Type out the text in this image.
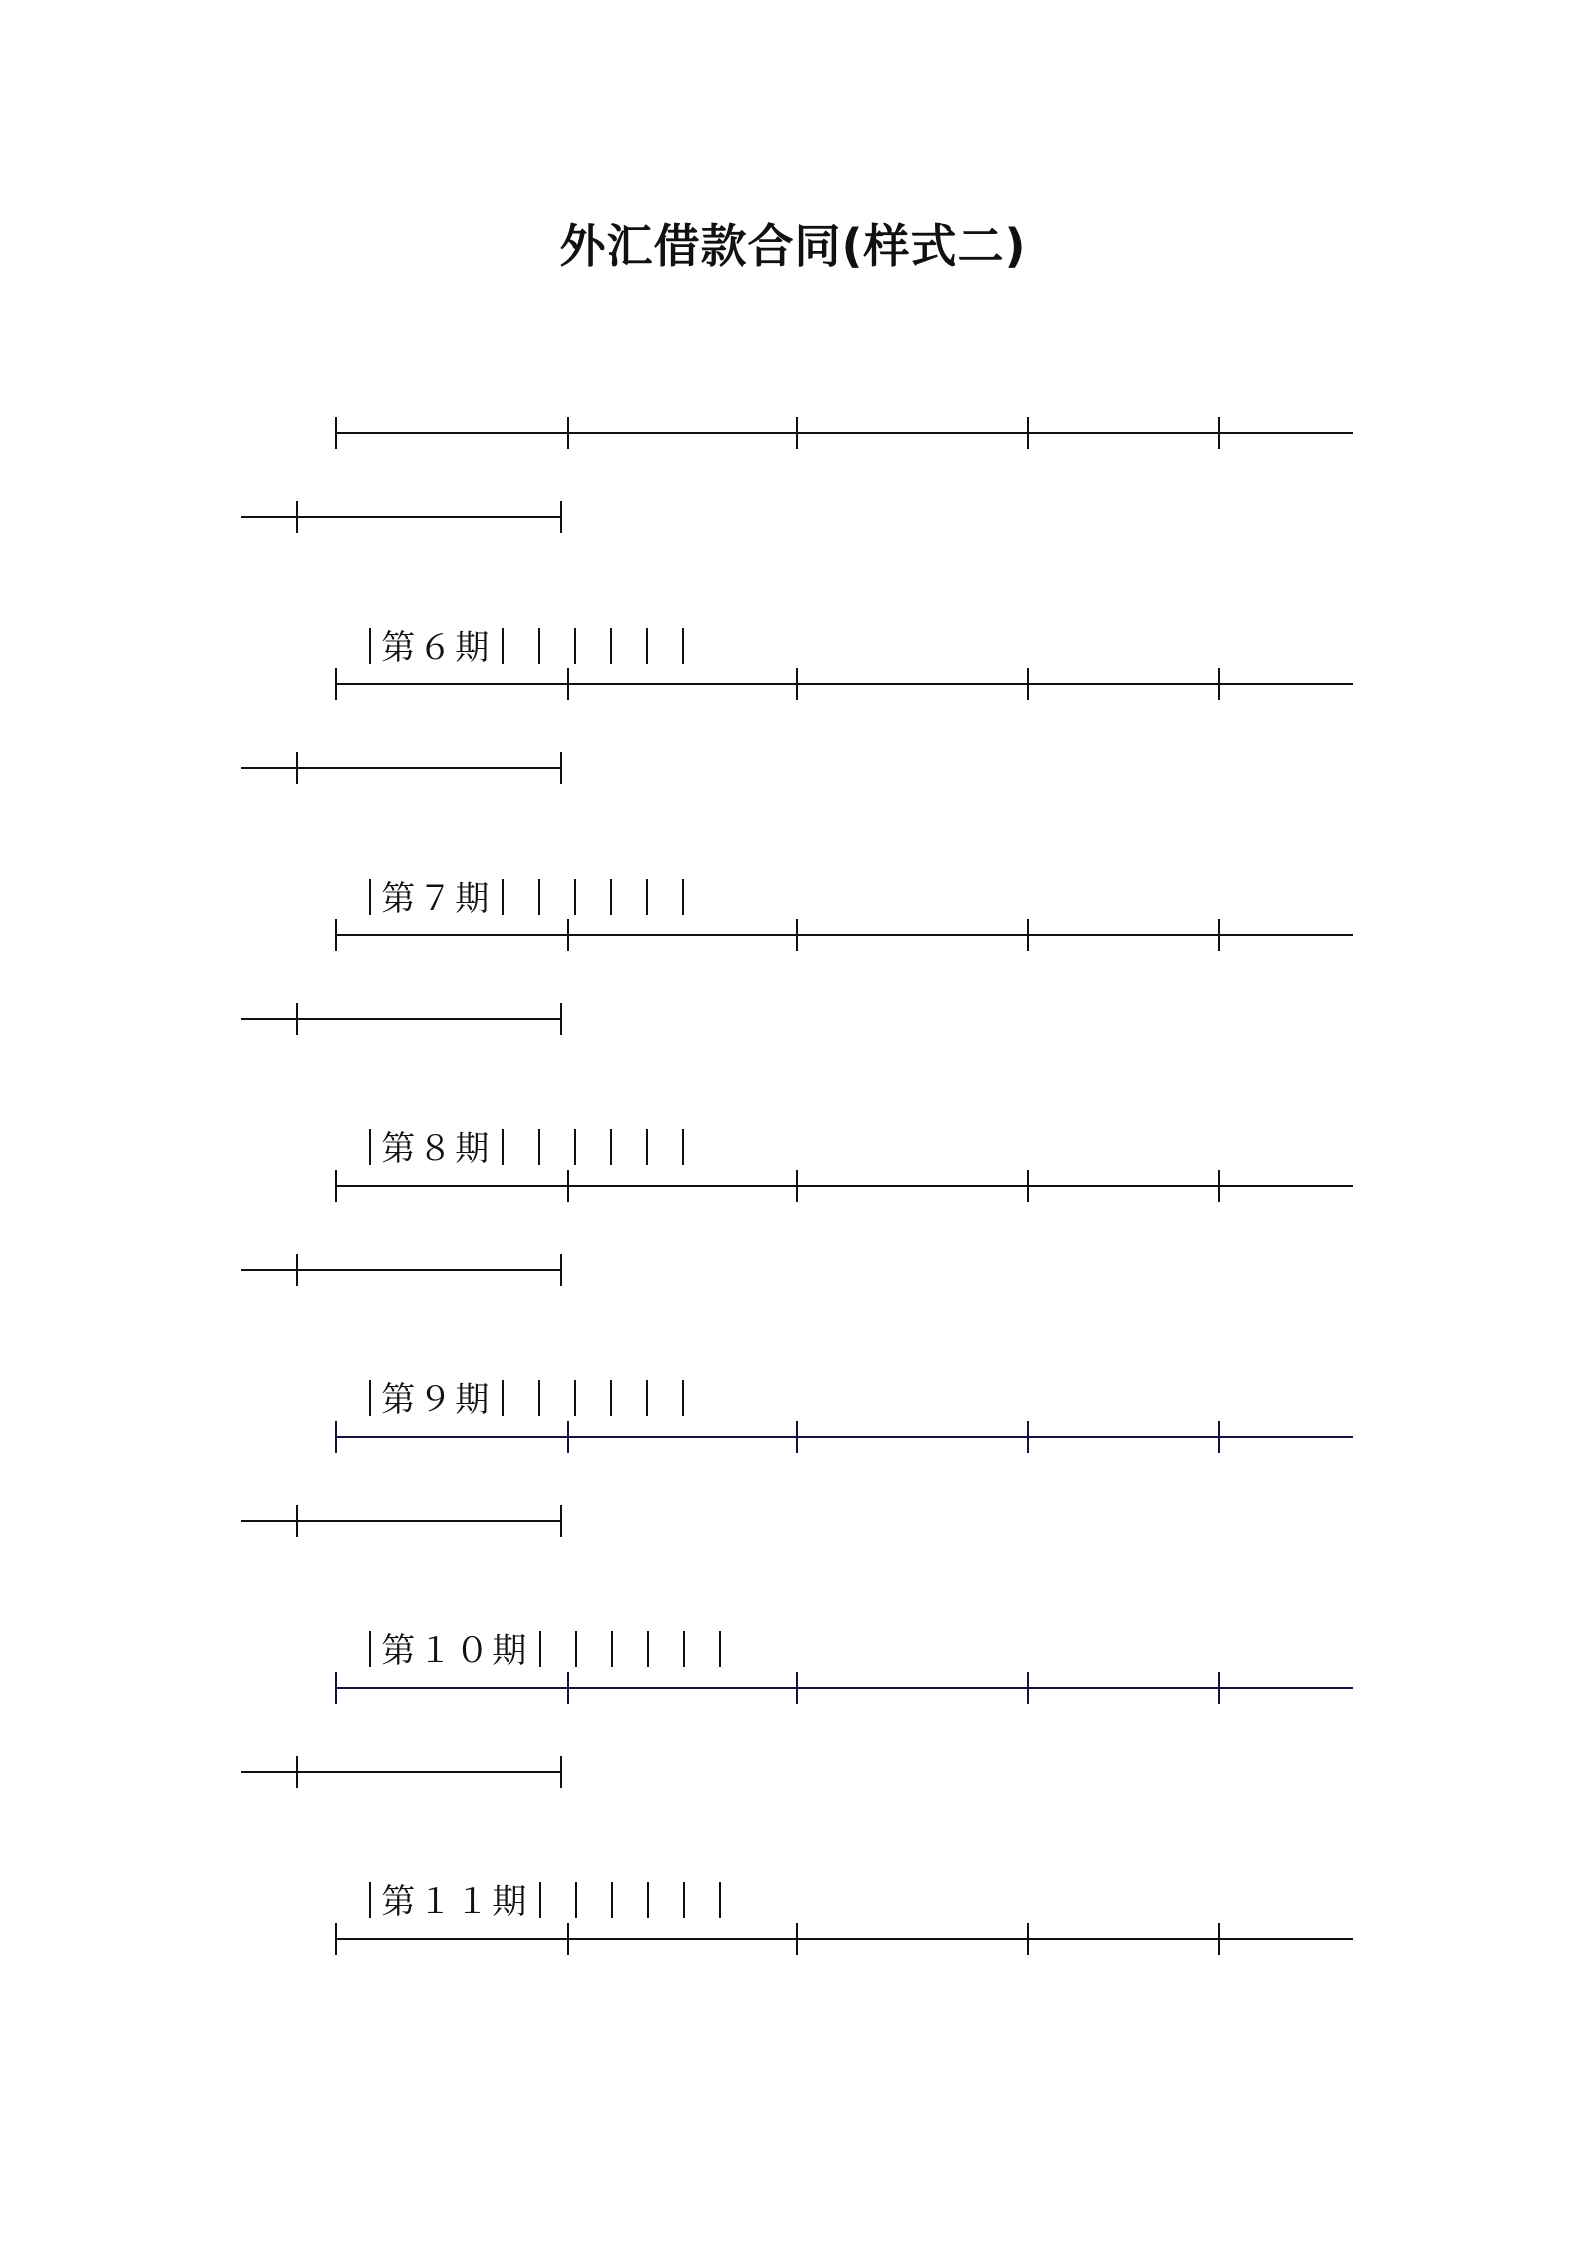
外汇借款合同(样式二)

第６期

第７期

第８期

第９期

第１０期

第１１期
